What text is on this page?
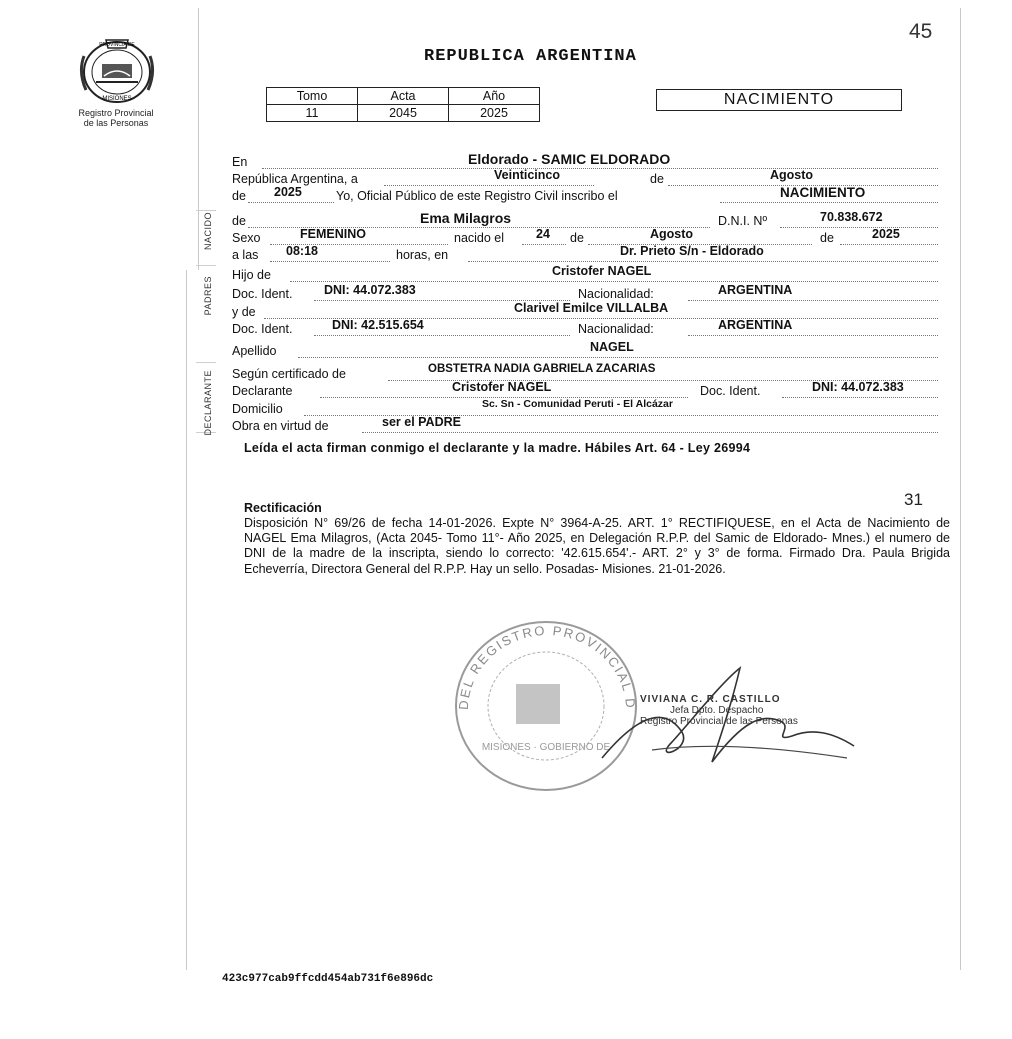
45
PROVINCIA DE
MISIONES
Registro Provincial
de las Personas
REPUBLICA ARGENTINA
Tomo	Acta	Año
11	2045	2025
NACIMIENTO
NACIDO
PADRES
DECLARANTE
En	Eldorado - SAMIC ELDORADO
República Argentina, a	Veinticinco	de	Agosto
de 2025	Yo, Oficial Público de este Registro Civil inscribo el	NACIMIENTO
de	Ema Milagros	D.N.I. Nº	70.838.672
Sexo	FEMENINO	nacido el	24 de	Agosto	de	2025
a las 08:18	horas, en	Dr. Prieto S/n - Eldorado
Hijo de	Cristofer NAGEL
Doc. Ident.	DNI: 44.072.383	Nacionalidad:	ARGENTINA
y de	Clarivel Emilce VILLALBA
Doc. Ident.	DNI: 42.515.654	Nacionalidad:	ARGENTINA
Apellido	NAGEL
Según certificado de	OBSTETRA NADIA GABRIELA ZACARIAS
Declarante	Cristofer NAGEL	Doc. Ident.	DNI: 44.072.383
Domicilio	Sc. Sn - Comunidad Peruti - El Alcázar
Obra en virtud de	ser el PADRE
Leída el acta firman conmigo el declarante y la madre. Hábiles Art. 64 - Ley 26994
Rectificación	31
Disposición N° 69/26 de fecha 14-01-2026. Expte N° 3964-A-25. ART. 1° RECTIFIQUESE, en el Acta de Nacimiento de NAGEL Ema Milagros, (Acta 2045- Tomo 11°- Año 2025, en Delegación R.P.P. del Samic de Eldorado- Mnes.) el numero de DNI de la madre de la inscripta, siendo lo correcto: '42.615.654'.- ART. 2° y 3° de forma. Firmado Dra. Paula Brigida Echeverría, Directora General del R.P.P. Hay un sello. Posadas- Misiones. 21-01-2026.
DEL REGISTRO PROVINCIAL D
MISIONES · GOBIERNO DE
VIVIANA C. R. CASTILLO
Jefa Dpto. Despacho
Registro Provincial de las Personas
423c977cab9ffcdd454ab731f6e896dc
